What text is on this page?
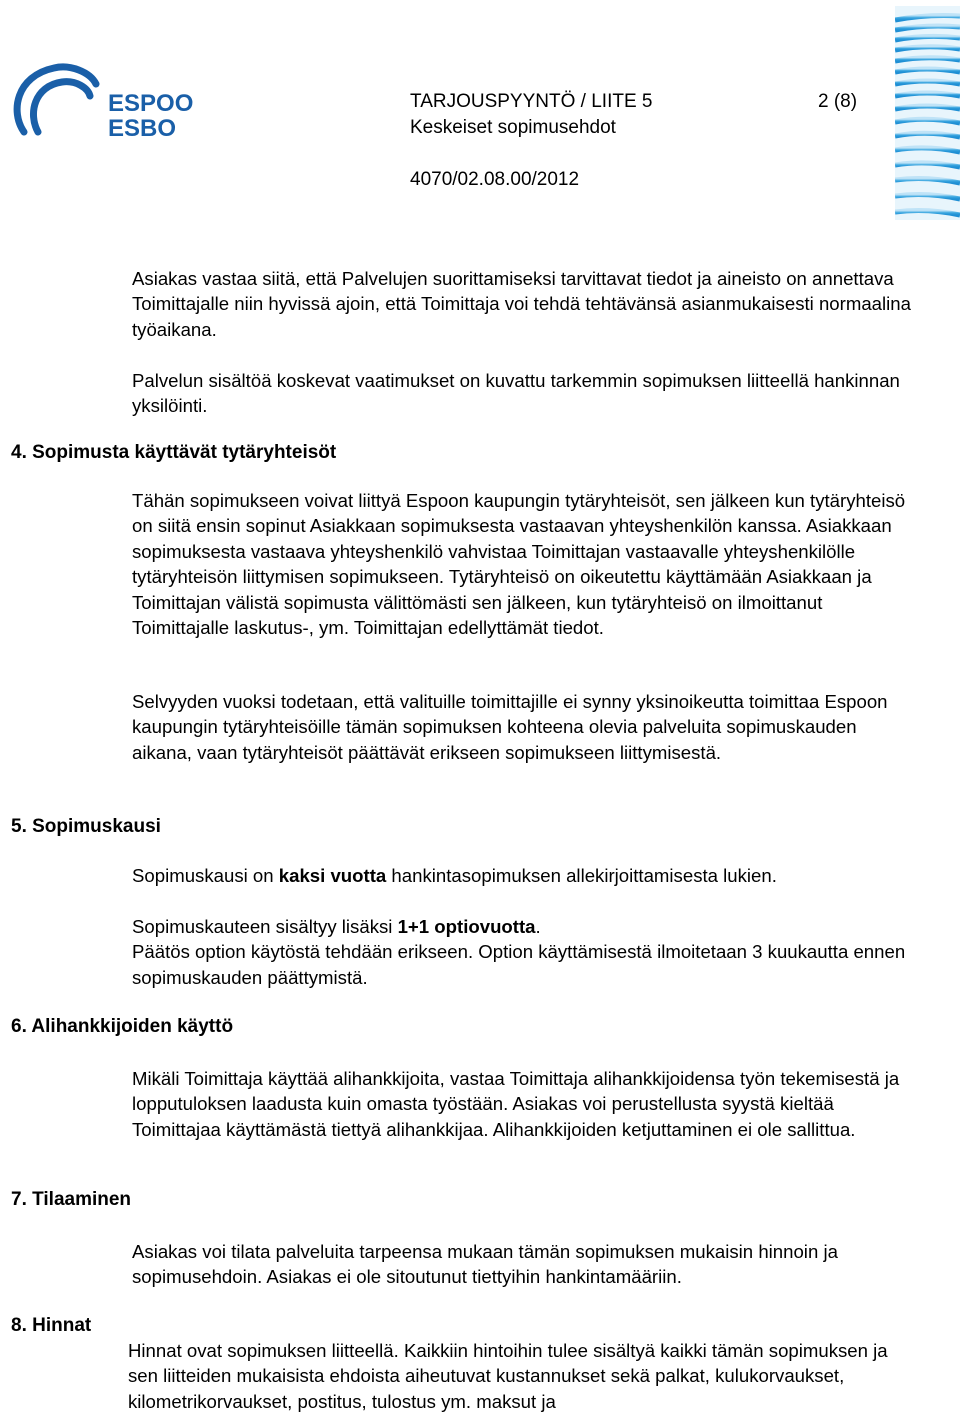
ESPOO
ESBO
TARJOUSPYYNTÖ / LIITE 5	2 (8)
Keskeiset sopimusehdot
4070/02.08.00/2012
Asiakas vastaa siitä, että Palvelujen suorittamiseksi tarvittavat tiedot ja aineisto on annettava Toimittajalle niin hyvissä ajoin, että Toimittaja voi tehdä tehtävänsä asianmukaisesti normaalina työaikana.
Palvelun sisältöä koskevat vaatimukset on kuvattu tarkemmin sopimuksen liitteellä hankinnan yksilöinti.
4. Sopimusta käyttävät tytäryhteisöt
Tähän sopimukseen voivat liittyä Espoon kaupungin tytäryhteisöt, sen jälkeen kun tytäryhteisö on siitä ensin sopinut Asiakkaan sopimuksesta vastaavan yhteyshenkilön kanssa. Asiakkaan sopimuksesta vastaava yhteyshenkilö vahvistaa Toimittajan vastaavalle yhteyshenkilölle tytäryhteisön liittymisen sopimukseen. Tytäryhteisö on oikeutettu käyttämään Asiakkaan ja Toimittajan välistä sopimusta välittömästi sen jälkeen, kun tytäryhteisö on ilmoittanut Toimittajalle laskutus-, ym. Toimittajan edellyttämät tiedot.
Selvyyden vuoksi todetaan, että valituille toimittajille ei synny yksinoikeutta toimittaa Espoon kaupungin tytäryhteisöille tämän sopimuksen kohteena olevia palveluita sopimuskauden aikana, vaan tytäryhteisöt päättävät erikseen sopimukseen liittymisestä.
5. Sopimuskausi
Sopimuskausi on kaksi vuotta hankintasopimuksen allekirjoittamisesta lukien.
Sopimuskauteen sisältyy lisäksi 1+1 optiovuotta.
Päätös option käytöstä tehdään erikseen. Option käyttämisestä ilmoitetaan 3 kuukautta ennen sopimuskauden päättymistä.
6. Alihankkijoiden käyttö
Mikäli Toimittaja käyttää alihankkijoita, vastaa Toimittaja alihankkijoidensa työn tekemisestä ja lopputuloksen laadusta kuin omasta työstään. Asiakas voi perustellusta syystä kieltää Toimittajaa käyttämästä tiettyä alihankkijaa. Alihankkijoiden ketjuttaminen ei ole sallittua.
7. Tilaaminen
Asiakas voi tilata palveluita tarpeensa mukaan tämän sopimuksen mukaisin hinnoin ja sopimusehdoin. Asiakas ei ole sitoutunut tiettyihin hankintamääriin.
8. Hinnat
Hinnat ovat sopimuksen liitteellä. Kaikkiin hintoihin tulee sisältyä kaikki tämän sopimuksen ja sen liitteiden mukaisista ehdoista aiheutuvat kustannukset sekä palkat, kulukorvaukset, kilometrikorvaukset, postitus, tulostus ym. maksut ja
